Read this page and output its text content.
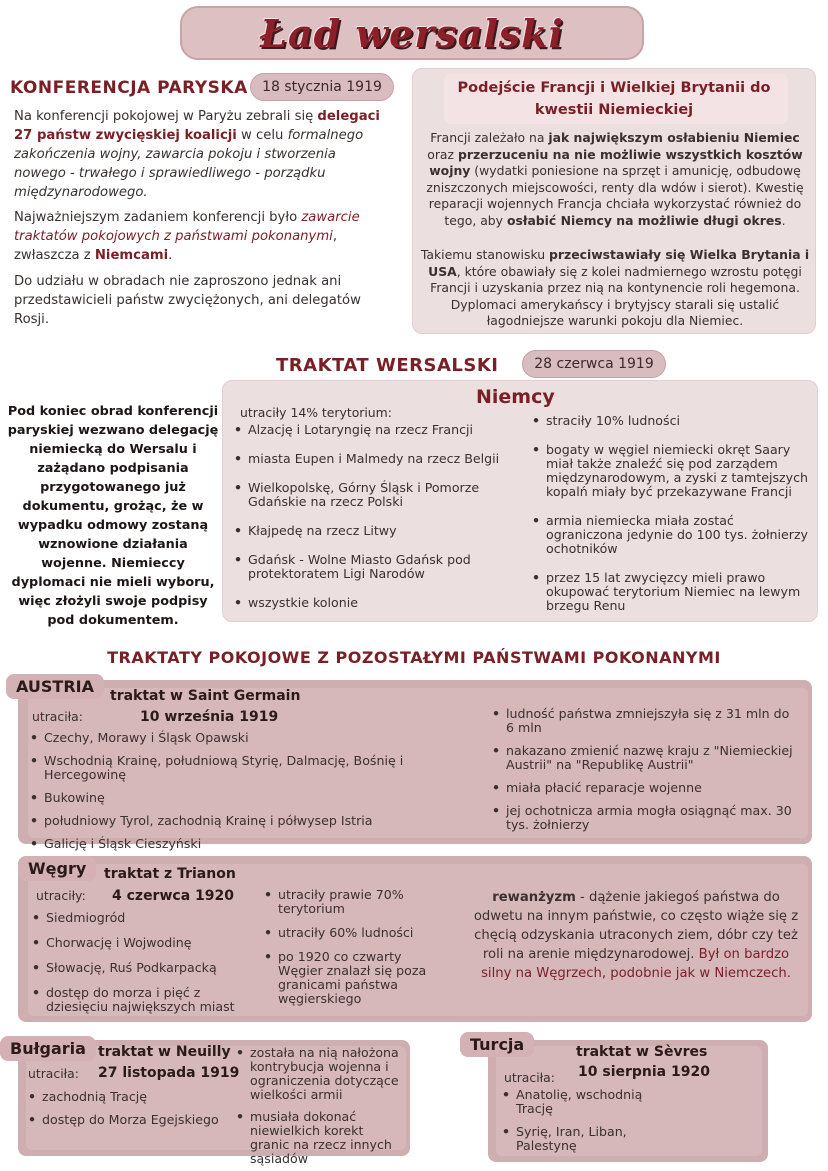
Ład wersalski
KONFERENCJA PARYSKA	18 stycznia 1919
Na konferencji pokojowej w Paryżu zebrali się delegaci 27 państw zwycięskiej koalicji w celu formalnego zakończenia wojny, zawarcia pokoju i stworzenia nowego - trwałego i sprawiedliwego - porządku międzynarodowego.
Najważniejszym zadaniem konferencji było zawarcie traktatów pokojowych z państwami pokonanymi, zwłaszcza z Niemcami.
Do udziału w obradach nie zaproszono jednak ani przedstawicieli państw zwyciężonych, ani delegatów Rosji.
Podejście Francji i Wielkiej Brytanii do
kwestii Niemieckiej
Francji zależało na jak największym osłabieniu Niemiec oraz przerzuceniu na nie możliwie wszystkich kosztów wojny (wydatki poniesione na sprzęt i amunicję, odbudowę zniszczonych miejscowości, renty dla wdów i sierot). Kwestię reparacji wojennych Francja chciała wykorzystać również do tego, aby osłabić Niemcy na możliwie długi okres.
Takiemu stanowisku przeciwstawiały się Wielka Brytania i USA, które obawiały się z kolei nadmiernego wzrostu potęgi Francji i uzyskania przez nią na kontynencie roli hegemona. Dyplomaci amerykańscy i brytyjscy starali się ustalić łagodniejsze warunki pokoju dla Niemiec.
TRAKTAT WERSALSKI	28 czerwca 1919
Pod koniec obrad konferencji paryskiej wezwano delegację niemiecką do Wersalu i zażądano podpisania przygotowanego już dokumentu, grożąc, że w wypadku odmowy zostaną wznowione działania wojenne. Niemieccy dyplomaci nie mieli wyboru, więc złożyli swoje podpisy pod dokumentem.
Niemcy
utraciły 14% terytorium:
• Alzację i Lotaryngię na rzecz Francji
• miasta Eupen i Malmedy na rzecz Belgii
• Wielkopolskę, Górny Śląsk i Pomorze Gdańskie na rzecz Polski
• Kłajpedę na rzecz Litwy
• Gdańsk - Wolne Miasto Gdańsk pod protektoratem Ligi Narodów
• wszystkie kolonie
• straciły 10% ludności
• bogaty w węgiel niemiecki okręt Saary miał także znaleźć się pod zarządem międzynarodowym, a zyski z tamtejszych kopalń miały być przekazywane Francji
• armia niemiecka miała zostać ograniczona jedynie do 100 tys. żołnierzy ochotników
• przez 15 lat zwycięzcy mieli prawo okupować terytorium Niemiec na lewym brzegu Renu
TRAKTATY POKOJOWE Z POZOSTAŁYMI PAŃSTWAMI POKONANYMI
AUSTRIA	traktat w Saint Germain
utraciła:	10 września 1919
• Czechy, Morawy i Śląsk Opawski
• Wschodnią Krainę, południową Styrię, Dalmację, Bośnię i Hercegowinę
• Bukowinę
• południowy Tyrol, zachodnią Krainę i półwysep Istria
• Galicję i Śląsk Cieszyński
• ludność państwa zmniejszyła się z 31 mln do 6 mln
• nakazano zmienić nazwę kraju z "Niemieckiej Austrii" na "Republikę Austrii"
• miała płacić reparacje wojenne
• jej ochotnicza armia mogła osiągnąć max. 30 tys. żołnierzy
Węgry	traktat z Trianon
utraciły: 4 czerwca 1920
• Siedmiogród
• Chorwację i Wojwodinę
• Słowację, Ruś Podkarpacką
• dostęp do morza i pięć z dziesięciu największych miast
• utraciły prawie 70% terytorium
• utraciły 60% ludności
• po 1920 co czwarty Węgier znalazł się poza granicami państwa węgierskiego
rewanżyzm - dążenie jakiegoś państwa do odwetu na innym państwie, co często wiąże się z chęcią odzyskania utraconych ziem, dóbr czy też roli na arenie międzynarodowej. Był on bardzo silny na Węgrzech, podobnie jak w Niemczech.
Bułgaria traktat w Neuilly
utraciła: 27 listopada 1919
• zachodnią Trację
• dostęp do Morza Egejskiego
• została na nią nałożona kontrybucja wojenna i ograniczenia dotyczące wielkości armii
• musiała dokonać niewielkich korekt granic na rzecz innych sąsiadów
Turcja	traktat w Sèvres
utraciła: 10 sierpnia 1920
• Anatolię, wschodnią Trację
• Syrię, Iran, Liban, Palestynę
